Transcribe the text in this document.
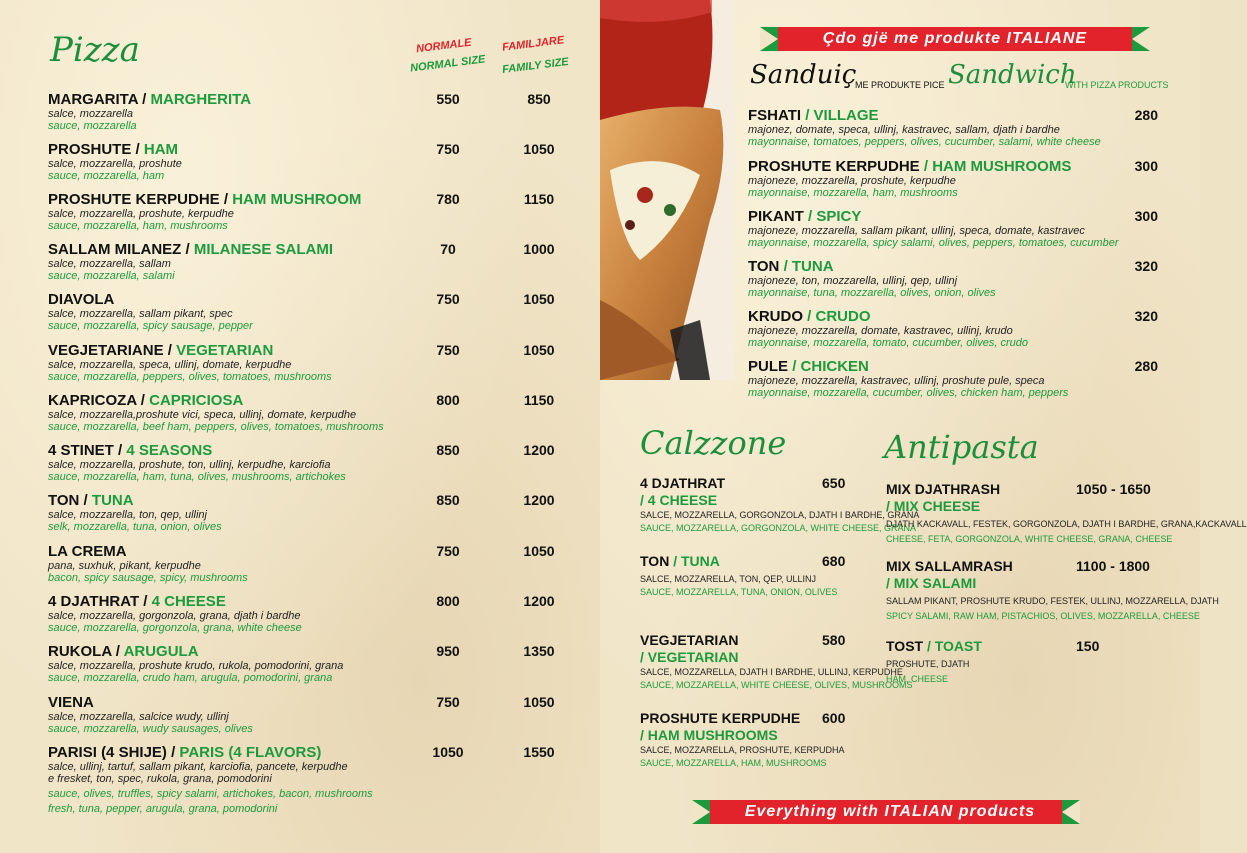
Pizza	NORMALE
NORMAL SIZE
FAMILJARE
FAMILY SIZE
MARGARITA / MARGHERITA
salce, mozzarella
sauce, mozzarella
550	850
PROSHUTE / HAM
salce, mozzarella, proshute
sauce, mozzarella, ham
750	1050
PROSHUTE KERPUDHE / HAM MUSHROOM
salce, mozzarella, proshute, kerpudhe
sauce, mozzarella, ham, mushrooms
780	1150
SALLAM MILANEZ / MILANESE SALAMI
salce, mozzarella, sallam
sauce, mozzarella, salami
70	1000
DIAVOLA
salce, mozzarella, sallam pikant, spec
sauce, mozzarella, spicy sausage, pepper
750	1050
VEGJETARIANE / VEGETARIAN
salce, mozzarella, speca, ullinj, domate, kerpudhe
sauce, mozzarella, peppers, olives, tomatoes, mushrooms
750	1050
KAPRICOZA / CAPRICIOSA
salce, mozzarella,proshute vici, speca, ullinj, domate, kerpudhe
sauce, mozzarella, beef ham, peppers, olives, tomatoes, mushrooms
800	1150
4 STINET / 4 SEASONS
salce, mozzarella, proshute, ton, ullinj, kerpudhe, karciofia
sauce, mozzarella, ham, tuna, olives, mushrooms, artichokes
850	1200
TON / TUNA
salce, mozzarella, ton, qep, ullinj
selk, mozzarella, tuna, onion, olives
850	1200
LA CREMA
pana, suxhuk, pikant, kerpudhe
bacon, spicy sausage, spicy, mushrooms
750	1050
4 DJATHRAT / 4 CHEESE
salce, mozzarella, gorgonzola, grana, djath i bardhe
sauce, mozzarella, gorgonzola, grana, white cheese
800	1200
RUKOLA / ARUGULA
salce, mozzarella, proshute krudo, rukola, pomodorini, grana
sauce, mozzarella, crudo ham, arugula, pomodorini, grana
950	1350
VIENA
salce, mozzarella, salcice wudy, ullinj
sauce, mozzarella, wudy sausages, olives
750	1050
PARISI (4 SHIJE) / PARIS (4 FLAVORS)
salce, ullinj, tartuf, sallam pikant, karciofia, pancete, kerpudhe
e fresket, ton, spec, rukola, grana, pomodorini
sauce, olives, truffles, spicy salami, artichokes, bacon, mushrooms
fresh, tuna, pepper, arugula, grana, pomodorini
1050	1550
Çdo gjë me produkte ITALIANE
Sanduiç
ME PRODUKTE PICE Sandwich
WITH PIZZA PRODUCTS
Everything with ITALIAN products
Calzzone	Antipasta
FSHATI / VILLAGE
majonez, domate, speca, ullinj, kastravec, sallam, djath i bardhe
mayonnaise, tomatoes, peppers, olives, cucumber, salami, white cheese
280
PROSHUTE KERPUDHE / HAM MUSHROOMS
majoneze, mozzarella, proshute, kerpudhe
mayonnaise, mozzarella, ham, mushrooms
300
PIKANT / SPICY
majoneze, mozzarella, sallam pikant, ullinj, speca, domate, kastravec
mayonnaise, mozzarella, spicy salami, olives, peppers, tomatoes, cucumber
300
TON / TUNA
majoneze, ton, mozzarella, ullinj, qep, ullinj
mayonnaise, tuna, mozzarella, olives, onion, olives
320
KRUDO / CRUDO
majoneze, mozzarella, domate, kastravec, ullinj, krudo
mayonnaise, mozzarella, tomato, cucumber, olives, crudo
320
PULE / CHICKEN
majoneze, mozzarella, kastravec, ullinj, proshute pule, speca
mayonnaise, mozzarella, cucumber, olives, chicken ham, peppers
280
4 DJATHRAT
/ 4 CHEESE
SALCE, MOZZARELLA, GORGONZOLA, DJATH I BARDHE, GRANA
SAUCE, MOZZARELLA, GORGONZOLA, WHITE CHEESE, GRANA
650
TON / TUNA
SALCE, MOZZARELLA, TON, QEP, ULLINJ
SAUCE, MOZZARELLA, TUNA, ONION, OLIVES
680
VEGJETARIAN
/ VEGETARIAN
SALCE, MOZZARELLA, DJATH I BARDHE, ULLINJ, KERPUDHE
SAUCE, MOZZARELLA, WHITE CHEESE, OLIVES, MUSHROOMS
580
PROSHUTE KERPUDHE
/ HAM MUSHROOMS
SALCE, MOZZARELLA, PROSHUTE, KERPUDHA
SAUCE, MOZZARELLA, HAM, MUSHROOMS
600
MIX DJATHRASH
/ MIX CHEESE
DJATH KACKAVALL, FESTEK, GORGONZOLA, DJATH I BARDHE, GRANA,KACKAVALL
CHEESE, FETA, GORGONZOLA, WHITE CHEESE, GRANA, CHEESE
1050 - 1650
MIX SALLAMRASH
/ MIX SALAMI
SALLAM PIKANT, PROSHUTE KRUDO, FESTEK, ULLINJ, MOZZARELLA, DJATH
SPICY SALAMI, RAW HAM, PISTACHIOS, OLIVES, MOZZARELLA, CHEESE
1100 - 1800
TOST / TOAST
PROSHUTE, DJATH
HAM, CHEESE
150
